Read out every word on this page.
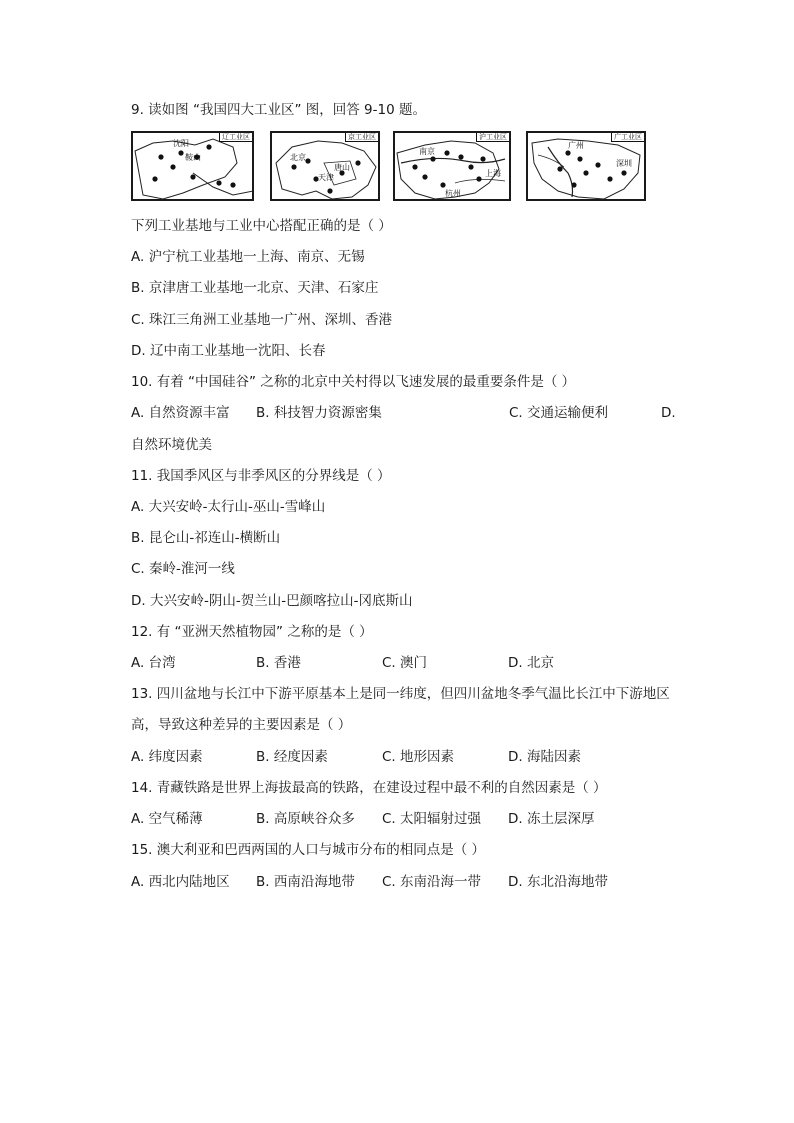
9. 读如图 “我国四大工业区” 图，回答 9-10 题。
辽工业区
沈阳
鞍山
京工业区
北京
唐山
天津
沪工业区
南京
杭州
上海
广工业区
广州
深圳
下列工业基地与工业中心搭配正确的是（ ）
A. 沪宁杭工业基地一上海、南京、无锡
B. 京津唐工业基地一北京、天津、石家庄
C. 珠江三角洲工业基地一广州、深圳、香港
D. 辽中南工业基地一沈阳、长春
10. 有着 “中国硅谷” 之称的北京中关村得以飞速发展的最重要条件是（ ）
A. 自然资源丰富 B. 科技智力资源密集	C. 交通运输便利	D.
自然环境优美
11. 我国季风区与非季风区的分界线是（ ）
A. 大兴安岭-太行山-巫山-雪峰山
B. 昆仑山-祁连山-横断山
C. 秦岭-淮河一线
D. 大兴安岭-阴山-贺兰山-巴颜喀拉山-冈底斯山
12. 有 “亚洲天然植物园” 之称的是（ ）
A. 台湾	B. 香港	C. 澳门	D. 北京
13. 四川盆地与长江中下游平原基本上是同一纬度，但四川盆地冬季气温比长江中下游地区
高，导致这种差异的主要因素是（ ）
A. 纬度因素	B. 经度因素	C. 地形因素	D. 海陆因素
14. 青藏铁路是世界上海拔最高的铁路，在建设过程中最不利的自然因素是（ ）
A. 空气稀薄	B. 高原峡谷众多 C. 太阳辐射过强 D. 冻土层深厚
15. 澳大利亚和巴西两国的人口与城市分布的相同点是（ ）
A. 西北内陆地区 B. 西南沿海地带 C. 东南沿海一带 D. 东北沿海地带
